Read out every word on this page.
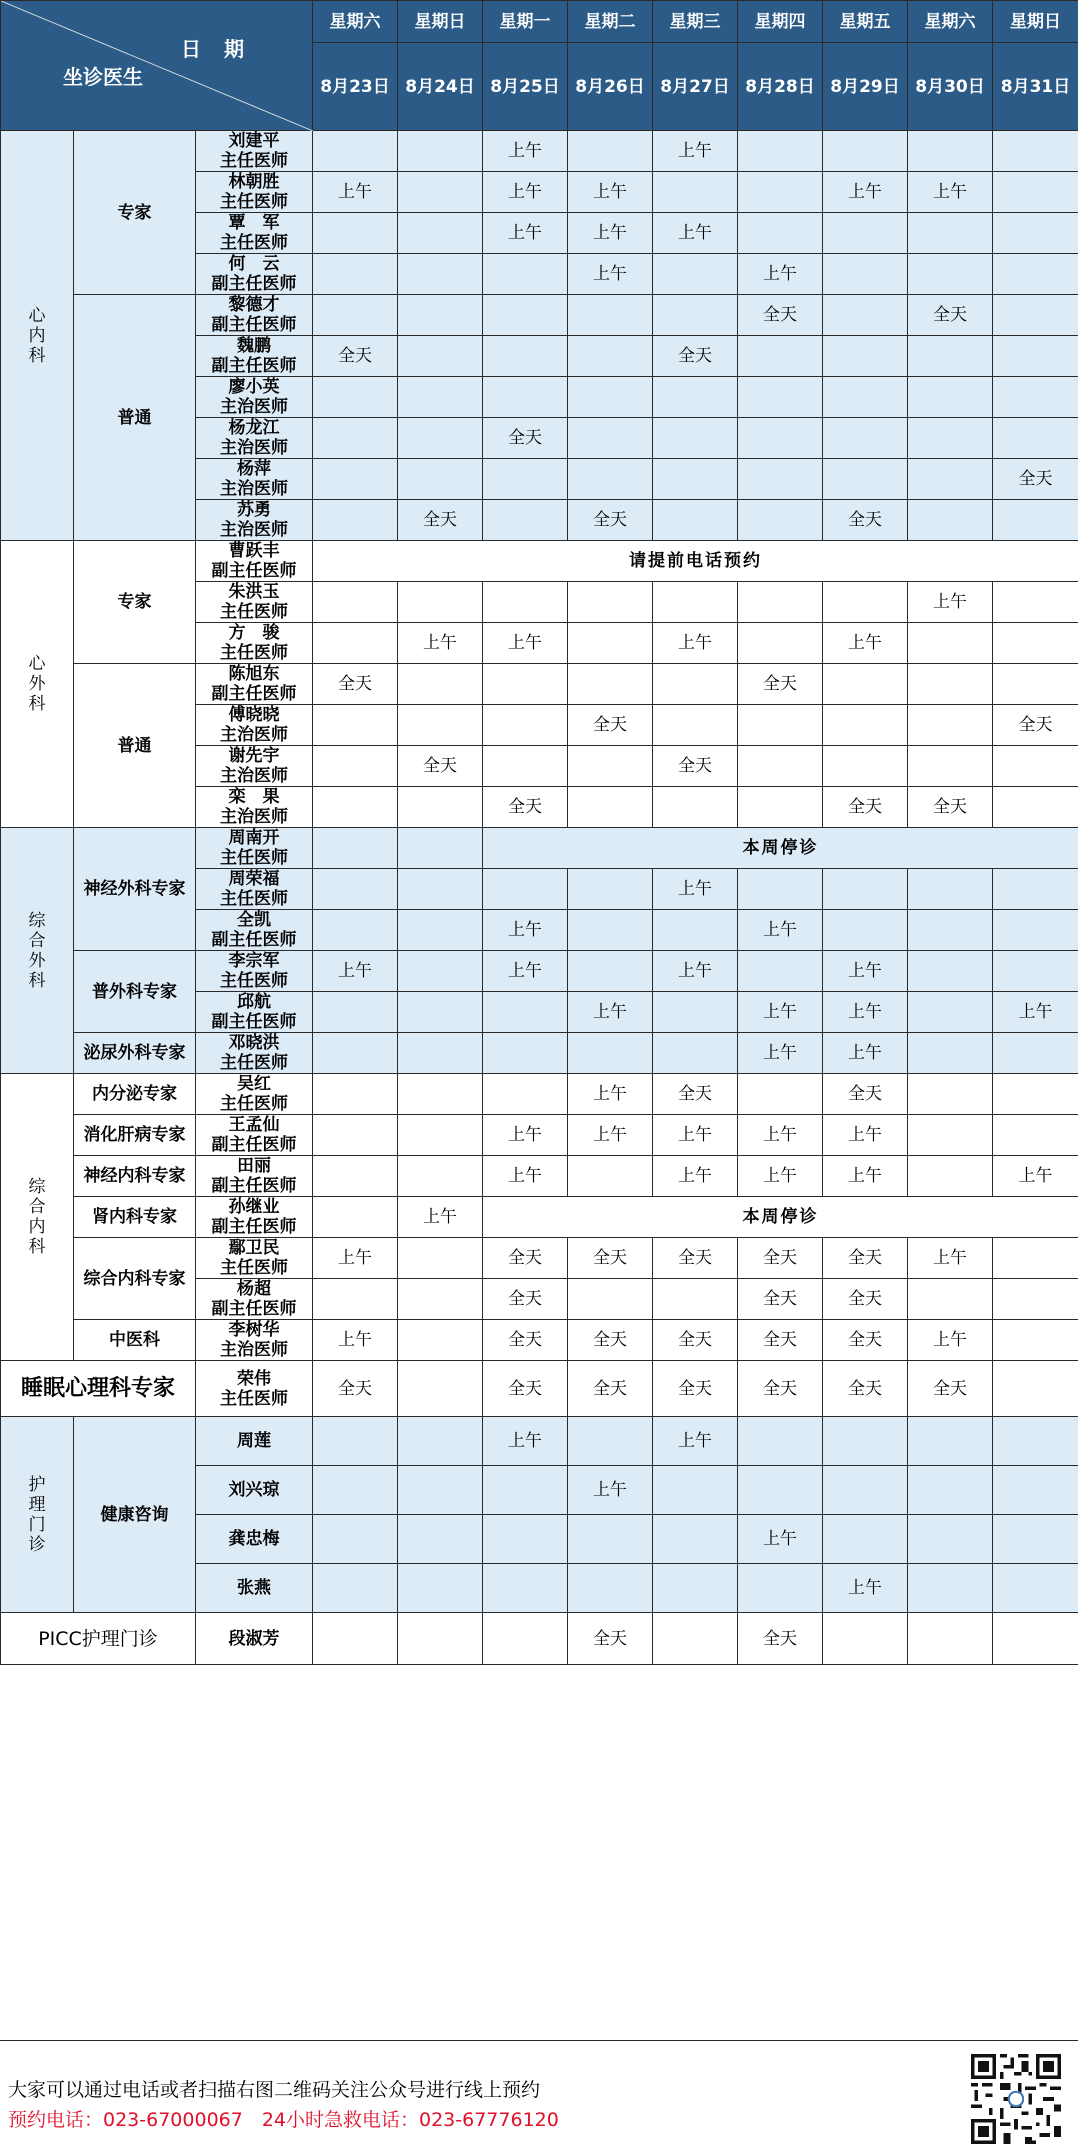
日 期
坐诊医生			星期六	星期日	星期一	星期二	星期三	星期四	星期五	星期六	星期日
			8月23日	8月24日	8月25日	8月26日	8月27日	8月28日	8月29日	8月30日	8月31日

心
内
科	专家	刘建平
主任医师			上午		上午				

		林朝胜
主任医师	上午		上午	上午			上午	上午	

		覃　军
主任医师			上午	上午	上午				

		何　云
副主任医师				上午		上午			
	普通	黎德才
副主任医师						全天		全天	

		魏鹏
副主任医师	全天				全天				

		廖小英
主治医师									

		杨龙江
主治医师			全天						

		杨萍
主治医师									全天

		苏勇
主治医师		全天		全天			全天		

心
外
科	专家	曹跃丰
副主任医师	请提前电话预约								

		朱洪玉
主任医师								上午	

		方　骏
主任医师		上午	上午		上午		上午		
	普通	陈旭东
副主任医师	全天					全天			

		傅晓晓
主治医师				全天					全天

		谢先宇
主治医师		全天			全天				

		栾　果
主治医师			全天				全天	全天	

综
合
外
科	神经外科专家	周南开
主任医师			本周停诊						

		周荣福
主任医师					上午				

		全凯
副主任医师			上午			上午			
	普外科专家	李宗军
主任医师	上午		上午		上午		上午		

		邱航
副主任医师				上午		上午	上午		上午
	泌尿外科专家	邓晓洪
主任医师						上午	上午		

综
合
内
科	内分泌专家	吴红
主任医师				上午	全天		全天		
	消化肝病专家	王孟仙
副主任医师			上午	上午	上午	上午	上午		
	神经内科专家	田丽
副主任医师			上午		上午	上午	上午		上午
	肾内科专家	孙继业
副主任医师		上午	本周停诊						
	综合内科专家	鄢卫民
主任医师	上午		全天	全天	全天	全天	全天	上午	

		杨超
副主任医师			全天			全天	全天		
	中医科	李树华
主治医师	上午		全天	全天	全天	全天	全天	上午	
睡眠心理科专家		荣伟
主任医师	全天		全天	全天	全天	全天	全天	全天	

护
理
门
诊	健康咨询	周莲			上午		上午				

		刘兴琼				上午					

		龚忠梅						上午			

		张燕							上午		
PICC护理门诊		段淑芳				全天		全天			
大家可以通过电话或者扫描右图二维码关注公众号进行线上预约
预约电话：023-67000067　24小时急救电话：023-67776120
